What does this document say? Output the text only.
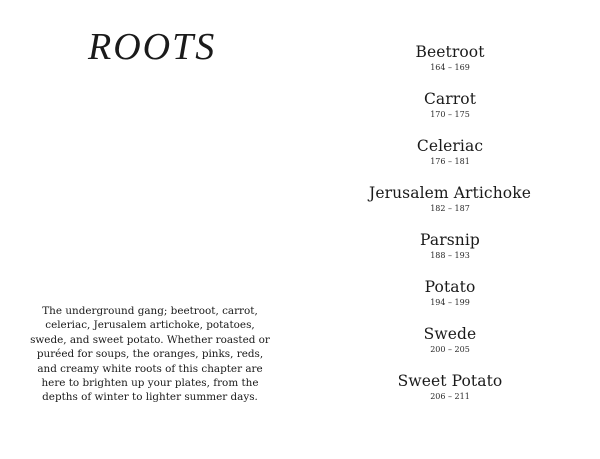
ROOTS

The underground gang; beetroot, carrot, celeriac, Jerusalem artichoke, potatoes, swede, and sweet potato. Whether roasted or puréed for soups, the oranges, pinks, reds, and creamy white roots of this chapter are here to brighten up your plates, from the depths of winter to lighter summer days.

Beetroot
164 – 169
Carrot
170 – 175
Celeriac
176 – 181
Jerusalem Artichoke
182 – 187
Parsnip
188 – 193
Potato
194 – 199
Swede
200 – 205
Sweet Potato
206 – 211
